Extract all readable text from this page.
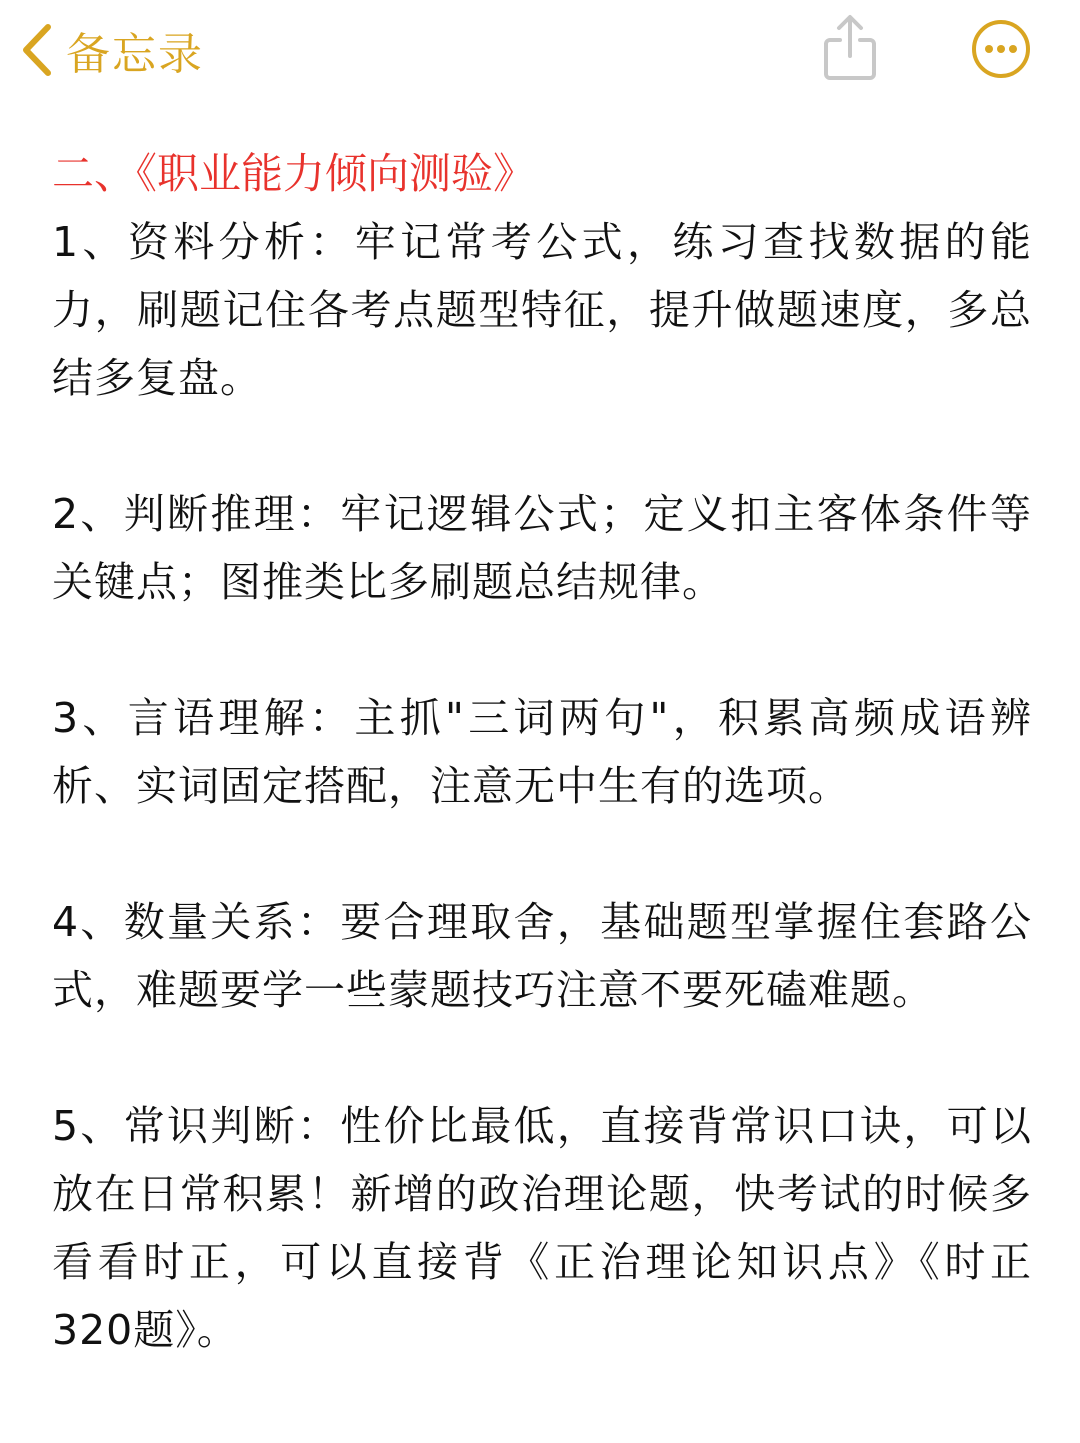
备忘录
二、《职业能力倾向测验》

1、资料分析：牢记常考公式，练习查找数据的能力，刷题记住各考点题型特征，提升做题速度，多总结多复盘。

2、判断推理：牢记逻辑公式；定义扣主客体条件等关键点；图推类比多刷题总结规律。

3、言语理解：主抓"三词两句"，积累高频成语辨析、实词固定搭配，注意无中生有的选项。

4、数量关系：要合理取舍，基础题型掌握住套路公式，难题要学一些蒙题技巧注意不要死磕难题。

5、常识判断：性价比最低，直接背常识口诀，可以放在日常积累！新增的政治理论题，快考试的时候多看看时正，可以直接背《正治理论知识点》《时正320题》。
